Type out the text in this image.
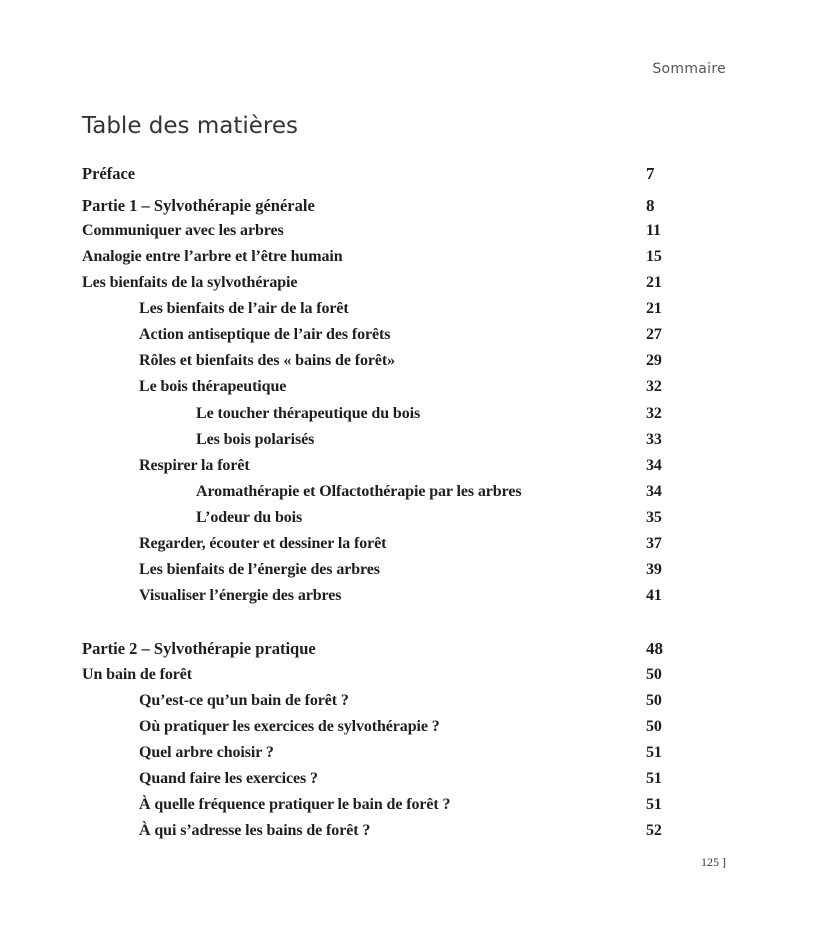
Sommaire
Table des matières
Préface	7
Partie 1 – Sylvothérapie générale	8
Communiquer avec les arbres	11
Analogie entre l’arbre et l’être humain	15
Les bienfaits de la sylvothérapie	21
Les bienfaits de l’air de la forêt	21
Action antiseptique de l’air des forêts	27
Rôles et bienfaits des « bains de forêt»	29
Le bois thérapeutique	32
Le toucher thérapeutique du bois	32
Les bois polarisés	33
Respirer la forêt	34
Aromathérapie et Olfactothérapie par les arbres	34
L’odeur du bois	35
Regarder, écouter et dessiner la forêt	37
Les bienfaits de l’énergie des arbres	39
Visualiser l’énergie des arbres	41
Partie 2 – Sylvothérapie pratique	48
Un bain de forêt	50
Qu’est-ce qu’un bain de forêt ?	50
Où pratiquer les exercices de sylvothérapie ?	50
Quel arbre choisir ?	51
Quand faire les exercices ?	51
À quelle fréquence pratiquer le bain de forêt ?	51
À qui s’adresse les bains de forêt ?	52
125 ]
